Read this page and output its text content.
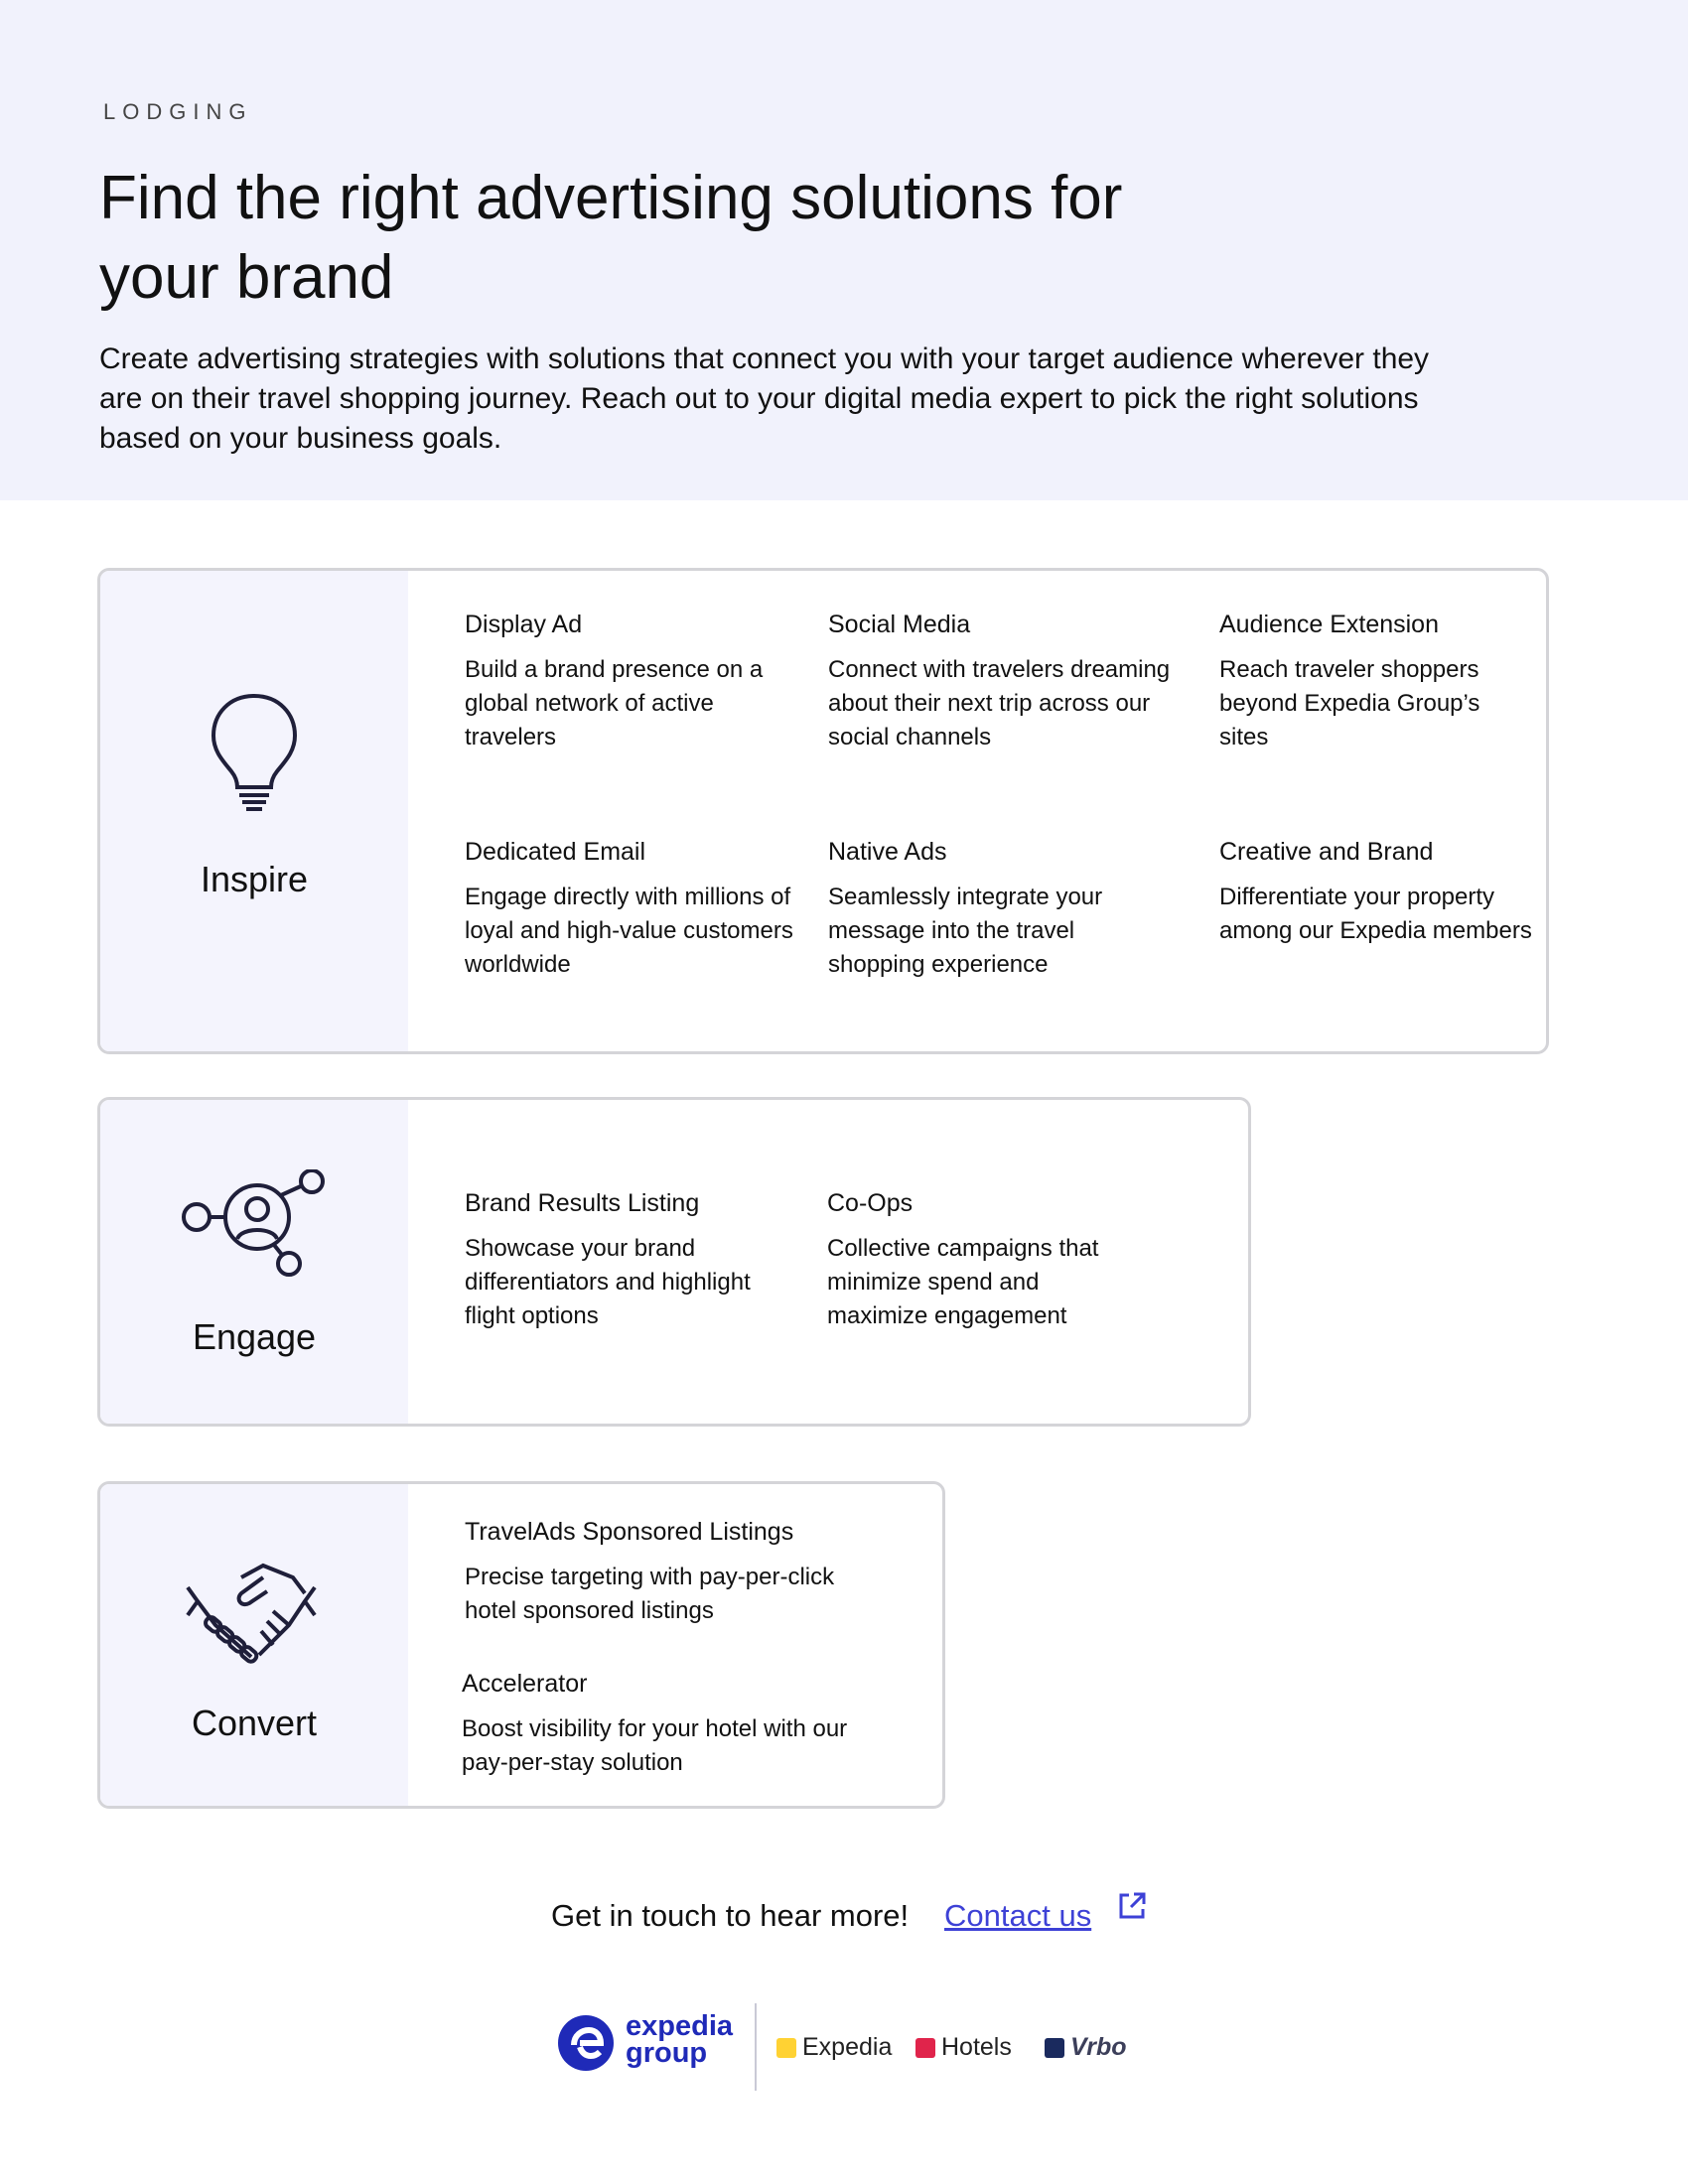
LODGING
Find the right advertising solutions for your brand
Create advertising strategies with solutions that connect you with your target audience wherever they are on their travel shopping journey. Reach out to your digital media expert to pick the right solutions based on your business goals.
Inspire

Display Ad

Build a brand presence on a global network of active travelers

Social Media

Connect with travelers dreaming about their next trip across our social channels

Audience Extension

Reach traveler shoppers beyond Expedia Group’s sites

Dedicated Email

Engage directly with millions of loyal and high-value customers worldwide

Native Ads

Seamlessly integrate your message into the travel shopping experience

Creative and Brand

Differentiate your property among our Expedia members

Engage

Brand Results Listing

Showcase your brand differentiators and highlight flight options

Co-Ops

Collective campaigns that minimize spend and maximize engagement

Convert

TravelAds Sponsored Listings

Precise targeting with pay-per-click hotel sponsored listings

Accelerator

Boost visibility for your hotel with our pay-per-stay solution

Get in touch to hear more! Contact us
expedia
group	Expedia Hotels Vrbo
